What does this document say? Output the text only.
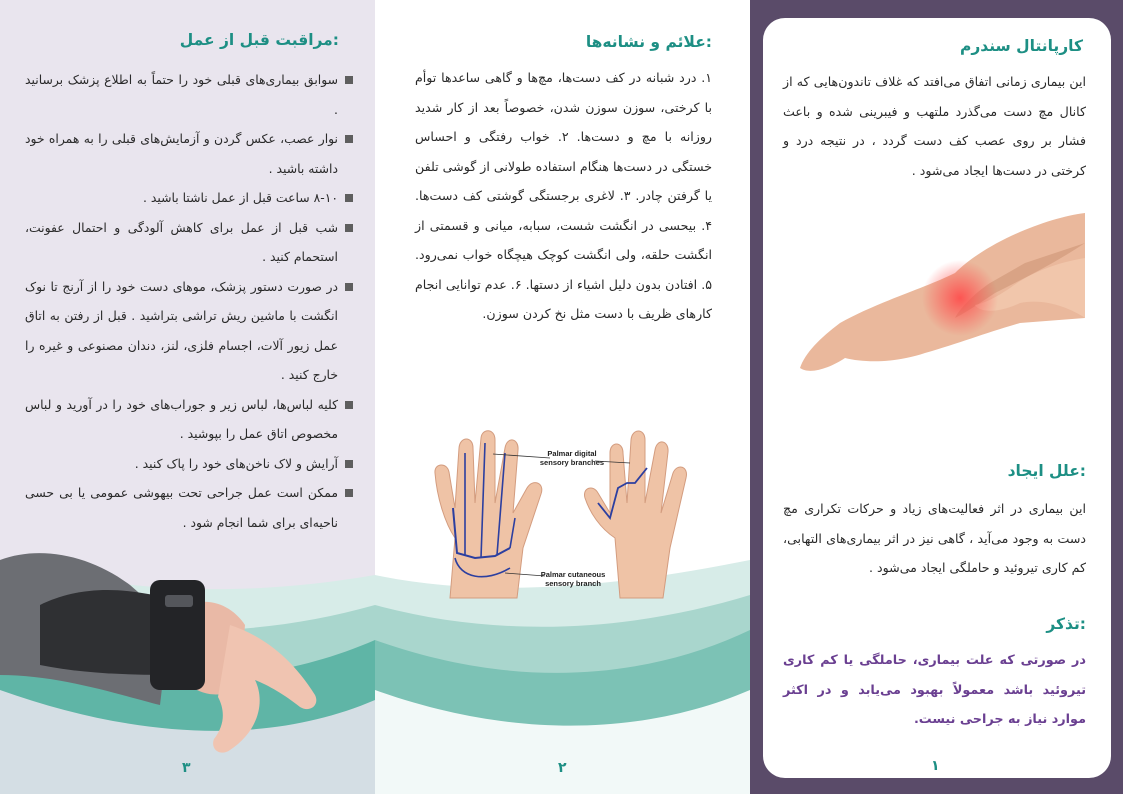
مراقبت قبل از عمل:
سوابق بیماری‌های قبلی خود را حتماً به اطلاع پزشک برسانید .
نوار عصب، عکس گردن و آزمایش‌های قبلی را به همراه خود داشته باشید .
۸-۱۰ ساعت قبل از عمل ناشتا باشید .
شب قبل از عمل برای کاهش آلودگی و احتمال عفونت، استحمام کنید .
در صورت دستور پزشک، موهای دست خود را از آرنج تا نوک انگشت با ماشین ریش تراشی بتراشید . قبل از رفتن به اتاق عمل زیور آلات، اجسام فلزی، لنز، دندان مصنوعی و غیره را خارج کنید .
کلیه لباس‌ها، لباس زیر و جوراب‌های خود را در آورید و لباس مخصوص اتاق عمل را بپوشید .
آرایش و لاک ناخن‌های خود را پاک کنید .
ممکن است عمل جراحی تحت بیهوشی عمومی یا بی حسی ناحیه‌ای برای شما انجام شود .
۳
علائم و نشانه‌ها:
۱. درد شبانه در کف دست‌ها، مچ‌ها و گاهی ساعد‌ها توأم با کرختی، سوزن سوزن شدن، خصوصاً بعد از کار شدید روزانه با مچ و دست‌ها. ۲. خواب رفتگی و احساس خستگی در دست‌ها هنگام استفاده طولانی از گوشی تلفن یا گرفتن چادر. ۳. لاغری برجستگی گوشتی کف دست‌ها. ۴. بیحسی در انگشت شست، سبابه، میانی و قسمتی از انگشت حلقه، ولی انگشت کوچک هیچگاه خواب نمی‌رود. ۵. افتادن بدون دلیل اشیاء از دستها. ۶. عدم توانایی انجام کارهای ظریف با دست مثل نخ کردن سوزن.
Palmar digital
sensory branches
Palmar cutaneous
sensory branch
۲
کارپانتال سندرم
این بیماری زمانی اتفاق می‌افتد که غلاف تاندون‌هایی که از کانال مچ دست می‌گذرد ملتهب و فیبرینی شده و باعث فشار بر روی عصب کف دست گردد ، در نتیجه درد و کرختی در دست‌ها ایجاد می‌شود .
علل ایجاد:
این بیماری در اثر فعالیت‌های زیاد و حرکات تکراری مچ دست به وجود می‌آید ، گاهی نیز در اثر بیماری‌های التهابی، کم کاری تیروئید و حاملگی ایجاد می‌شود .
تذکر:
در صورتی که علت بیماری، حاملگی یا کم کاری تیروئید باشد معمولاً بهبود می‌یابد و در اکثر موارد نیاز به جراحی نیست.
۱
